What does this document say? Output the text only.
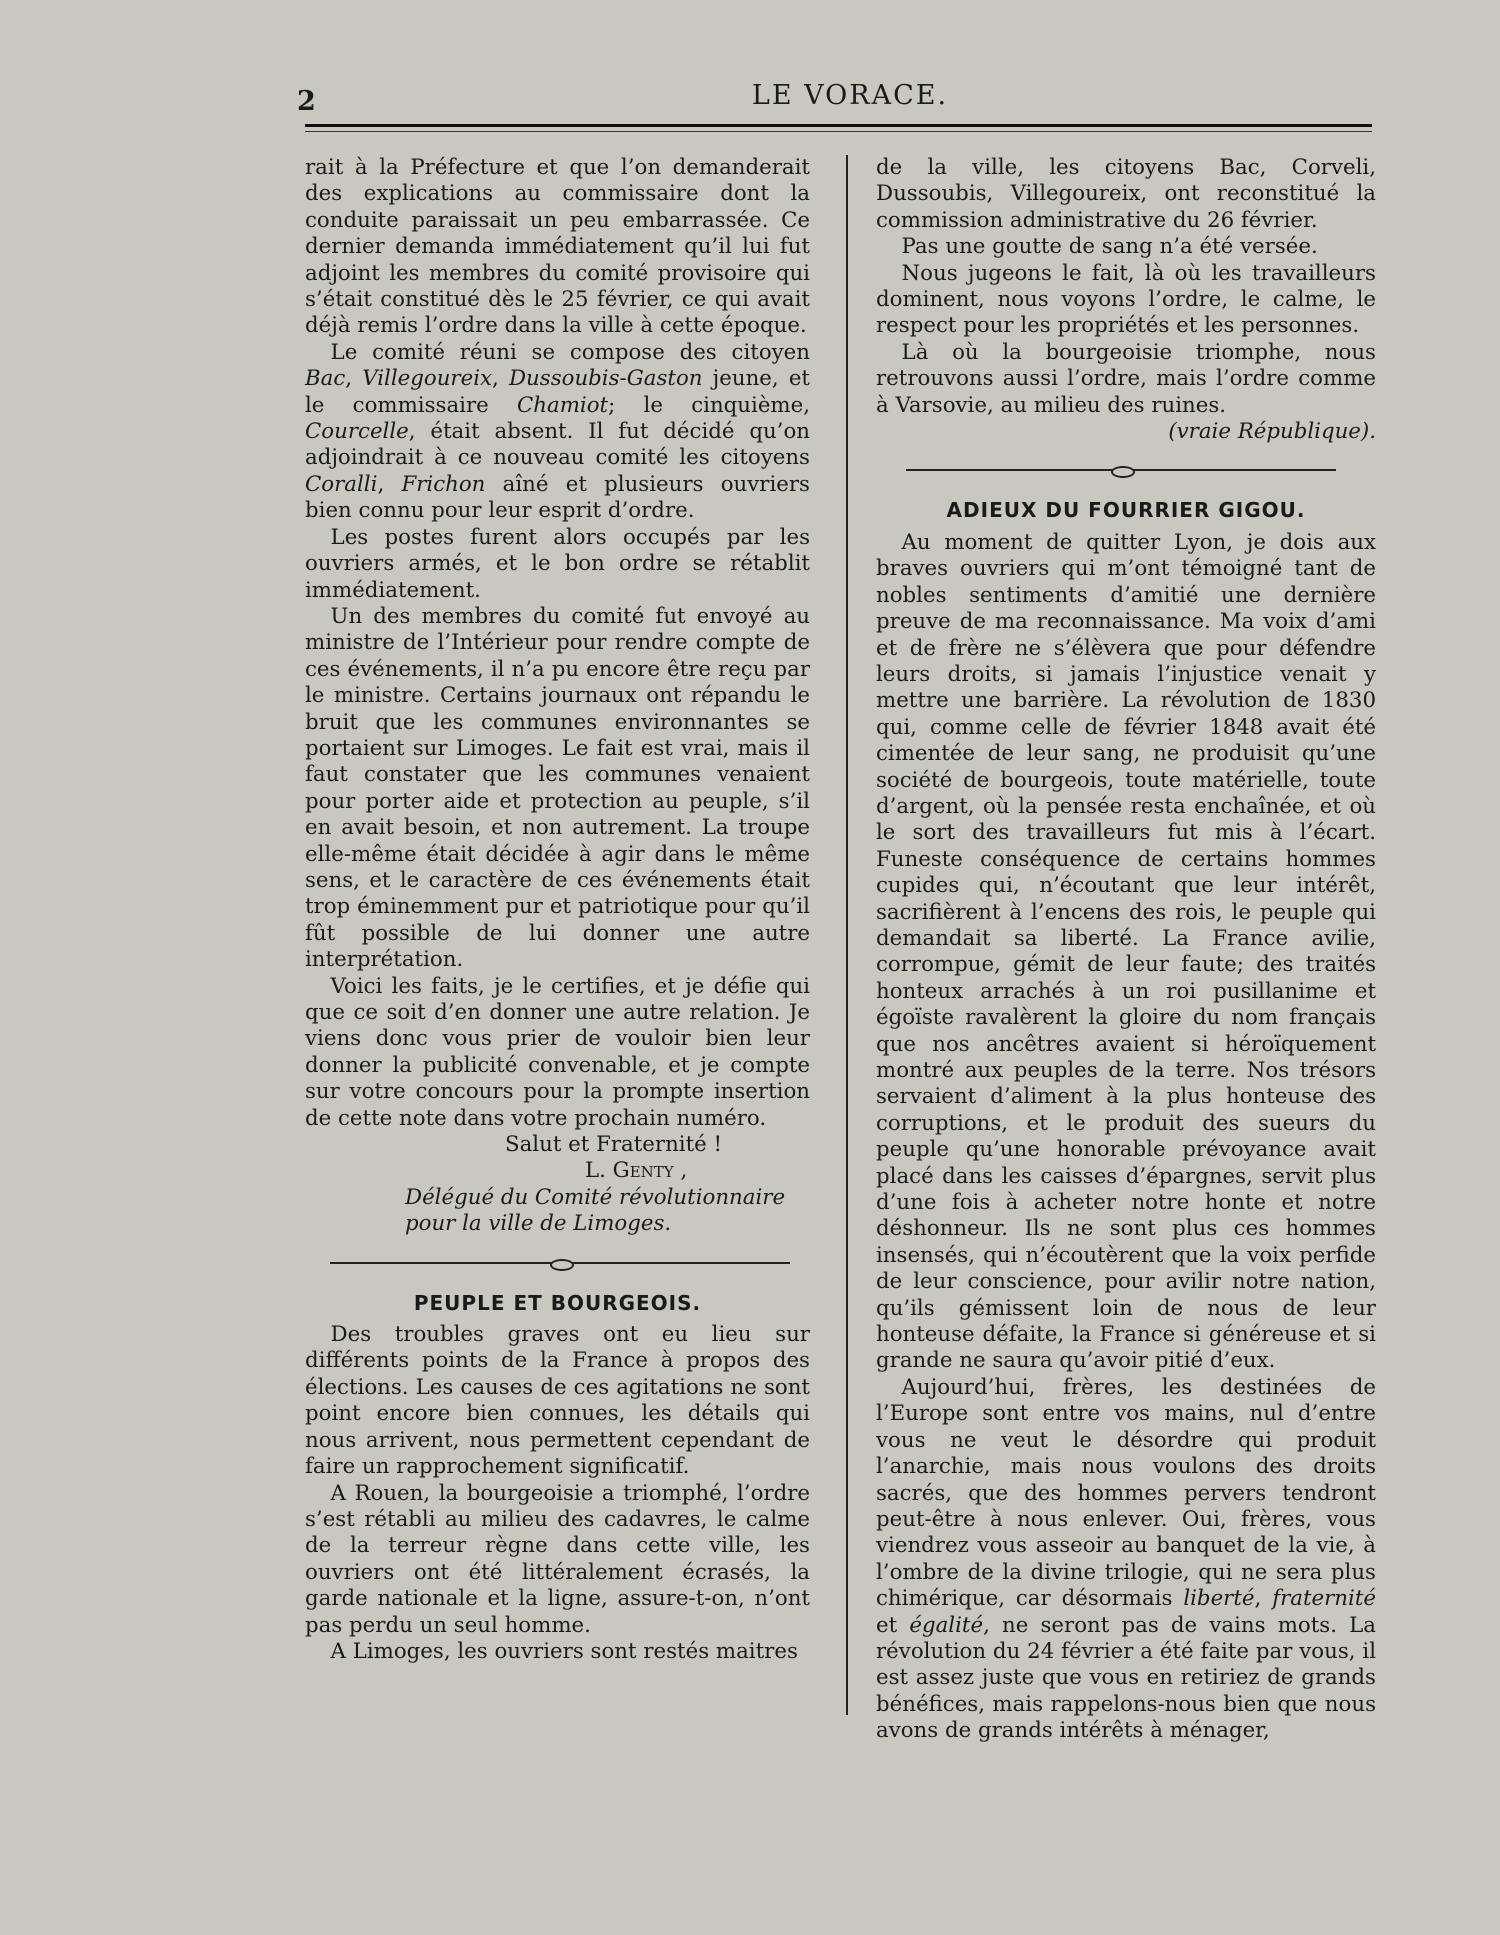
2	LE VORACE.

rait à la Préfecture et que l’on demanderait des explications au commissaire dont la conduite paraissait un peu embarrassée. Ce dernier demanda immédiatement qu’il lui fut adjoint les membres du comité provisoire qui s’était constitué dès le 25 février, ce qui avait déjà remis l’ordre dans la ville à cette époque.

Le comité réuni se compose des citoyen Bac, Villegoureix, Dussoubis-Gaston jeune, et le commissaire Chamiot; le cinquième, Courcelle, était absent. Il fut décidé qu’on adjoindrait à ce nouveau comité les citoyens Coralli, Frichon aîné et plusieurs ouvriers bien connu pour leur esprit d’ordre.

Les postes furent alors occupés par les ouvriers armés, et le bon ordre se rétablit immédiatement.

Un des membres du comité fut envoyé au ministre de l’Intérieur pour rendre compte de ces événements, il n’a pu encore être reçu par le ministre. Certains journaux ont répandu le bruit que les communes environnantes se portaient sur Limoges. Le fait est vrai, mais il faut constater que les communes venaient pour porter aide et protection au peuple, s’il en avait besoin, et non autrement. La troupe elle-même était décidée à agir dans le même sens, et le caractère de ces événements était trop éminemment pur et patriotique pour qu’il fût possible de lui donner une autre interprétation.

Voici les faits, je le certifies, et je défie qui que ce soit d’en donner une autre relation. Je viens donc vous prier de vouloir bien leur donner la publicité convenable, et je compte sur votre concours pour la prompte insertion de cette note dans votre prochain numéro.

Salut et Fraternité !

L. Genty ,

Délégué du Comité révolutionnaire

pour la ville de Limoges.

PEUPLE ET BOURGEOIS.

Des troubles graves ont eu lieu sur différents points de la France à propos des élections. Les causes de ces agitations ne sont point encore bien connues, les détails qui nous arrivent, nous permettent cependant de faire un rapprochement significatif.

A Rouen, la bourgeoisie a triomphé, l’ordre s’est rétabli au milieu des cadavres, le calme de la terreur règne dans cette ville, les ouvriers ont été littéralement écrasés, la garde nationale et la ligne, assure-t-on, n’ont pas perdu un seul homme.

A Limoges, les ouvriers sont restés maitres

de la ville, les citoyens Bac, Corveli, Dussoubis, Villegoureix, ont reconstitué la commission administrative du 26 février.

Pas une goutte de sang n’a été versée.

Nous jugeons le fait, là où les travailleurs dominent, nous voyons l’ordre, le calme, le respect pour les propriétés et les personnes.

Là où la bourgeoisie triomphe, nous retrouvons aussi l’ordre, mais l’ordre comme à Varsovie, au milieu des ruines.

(vraie République).

ADIEUX DU FOURRIER GIGOU.

Au moment de quitter Lyon, je dois aux braves ouvriers qui m’ont témoigné tant de nobles sentiments d’amitié une dernière preuve de ma reconnaissance. Ma voix d’ami et de frère ne s’élèvera que pour défendre leurs droits, si jamais l’injustice venait y mettre une barrière. La révolution de 1830 qui, comme celle de février 1848 avait été cimentée de leur sang, ne produisit qu’une société de bourgeois, toute matérielle, toute d’argent, où la pensée resta enchaînée, et où le sort des travailleurs fut mis à l’écart. Funeste conséquence de certains hommes cupides qui, n’écoutant que leur intérêt, sacrifièrent à l’encens des rois, le peuple qui demandait sa liberté. La France avilie, corrompue, gémit de leur faute; des traités honteux arrachés à un roi pusillanime et égoïste ravalèrent la gloire du nom français que nos ancêtres avaient si héroïquement montré aux peuples de la terre. Nos trésors servaient d’aliment à la plus honteuse des corruptions, et le produit des sueurs du peuple qu’une honorable prévoyance avait placé dans les caisses d’épargnes, servit plus d’une fois à acheter notre honte et notre déshonneur. Ils ne sont plus ces hommes insensés, qui n’écoutèrent que la voix perfide de leur conscience, pour avilir notre nation, qu’ils gémissent loin de nous de leur honteuse défaite, la France si généreuse et si grande ne saura qu’avoir pitié d’eux.

Aujourd’hui, frères, les destinées de l’Europe sont entre vos mains, nul d’entre vous ne veut le désordre qui produit l’anarchie, mais nous voulons des droits sacrés, que des hommes pervers tendront peut-être à nous enlever. Oui, frères, vous viendrez vous asseoir au banquet de la vie, à l’ombre de la divine trilogie, qui ne sera plus chimérique, car désormais liberté, fraternité et égalité, ne seront pas de vains mots. La révolution du 24 février a été faite par vous, il est assez juste que vous en retiriez de grands bénéfices, mais rappelons-nous bien que nous avons de grands intérêts à ménager,
